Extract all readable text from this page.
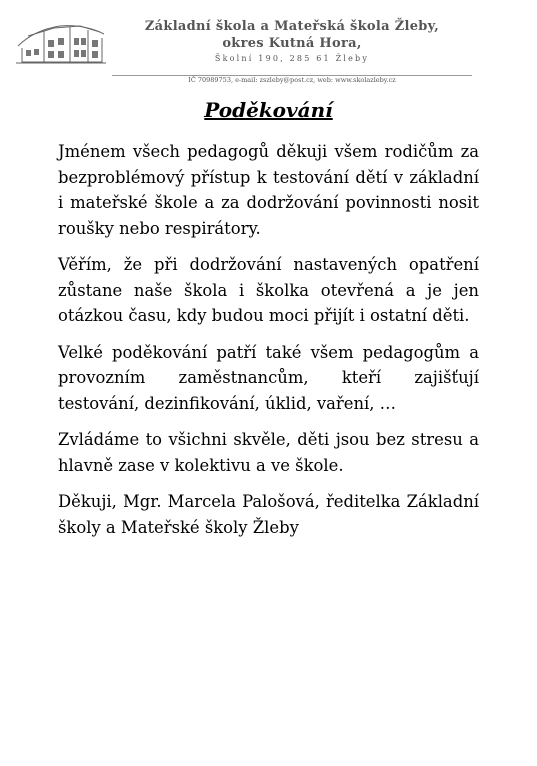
Základní škola a Mateřská škola Žleby,
okres Kutná Hora,
Školní 190, 285 61 Žleby
IČ 70989753, e-mail: zszleby@post.cz, web: www.skolazleby.cz
Poděkování

Jménem všech pedagogů děkuji všem rodičům za bezproblémový přístup k testování dětí v základní i mateřské škole a za dodržování povinnosti nosit roušky nebo respirátory.

Věřím, že při dodržování nastavených opatření zůstane naše škola i školka otevřená a je jen otázkou času, kdy budou moci přijít i ostatní děti.

Velké poděkování patří také všem pedagogům a provozním zaměstnancům, kteří zajišťují testování, dezinfikování, úklid, vaření, …

Zvládáme to všichni skvěle, děti jsou bez stresu a hlavně zase v kolektivu a ve škole.

Děkuji, Mgr. Marcela Palošová, ředitelka Základní školy a Mateřské školy Žleby
